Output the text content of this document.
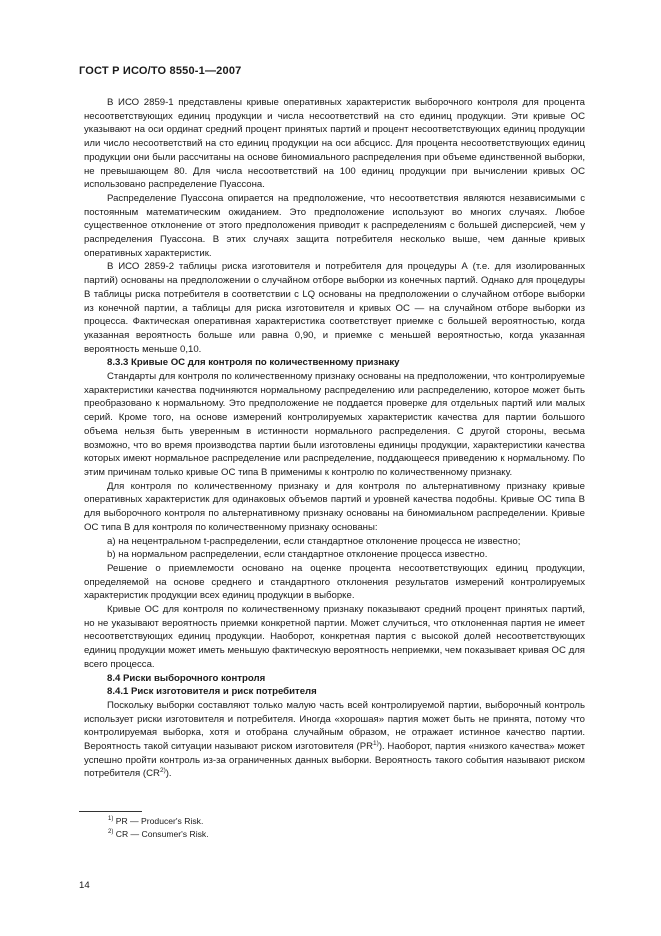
ГОСТ Р ИСО/ТО 8550-1—2007

В ИСО 2859-1 представлены кривые оперативных характеристик выборочного контроля для процента несоответствующих единиц продукции и числа несоответствий на сто единиц продукции. Эти кривые ОС указывают на оси ординат средний процент принятых партий и процент несоответствующих единиц продукции или число несоответствий на сто единиц продукции на оси абсцисс. Для процента несоответствующих единиц продукции они были рассчитаны на основе биномиального распределения при объеме единственной выборки, не превышающем 80. Для числа несоответствий на 100 единиц продукции при вычислении кривых ОС использовано распределение Пуассона.

Распределение Пуассона опирается на предположение, что несоответствия являются независимыми с постоянным математическим ожиданием. Это предположение используют во многих случаях. Любое существенное отклонение от этого предположения приводит к распределениям с большей дисперсией, чем у распределения Пуассона. В этих случаях защита потребителя несколько выше, чем данные кривых оперативных характеристик.

В ИСО 2859-2 таблицы риска изготовителя и потребителя для процедуры А (т.е. для изолированных партий) основаны на предположении о случайном отборе выборки из конечных партий. Однако для процедуры В таблицы риска потребителя в соответствии с LQ основаны на предположении о случайном отборе выборки из конечной партии, а таблицы для риска изготовителя и кривых ОС — на случайном отборе выборки из процесса. Фактическая оперативная характеристика соответствует приемке с большей вероятностью, когда указанная вероятность больше или равна 0,90, и приемке с меньшей вероятностью, когда указанная вероятность меньше 0,10.

8.3.3 Кривые ОС для контроля по количественному признаку

Стандарты для контроля по количественному признаку основаны на предположении, что контролируемые характеристики качества подчиняются нормальному распределению или распределению, которое может быть преобразовано к нормальному. Это предположение не поддается проверке для отдельных партий или малых серий. Кроме того, на основе измерений контролируемых характеристик качества для партии большого объема нельзя быть уверенным в истинности нормального распределения. С другой стороны, весьма возможно, что во время производства партии были изготовлены единицы продукции, характеристики качества которых имеют нормальное распределение или распределение, поддающееся приведению к нормальному. По этим причинам только кривые ОС типа В применимы к контролю по количественному признаку.

Для контроля по количественному признаку и для контроля по альтернативному признаку кривые оперативных характеристик для одинаковых объемов партий и уровней качества подобны. Кривые ОС типа В для выборочного контроля по альтернативному признаку основаны на биномиальном распределении. Кривые ОС типа В для контроля по количественному признаку основаны:

a) на нецентральном t-распределении, если стандартное отклонение процесса не известно;

b) на нормальном распределении, если стандартное отклонение процесса известно.

Решение о приемлемости основано на оценке процента несоответствующих единиц продукции, определяемой на основе среднего и стандартного отклонения результатов измерений контролируемых характеристик продукции всех единиц продукции в выборке.

Кривые ОС для контроля по количественному признаку показывают средний процент принятых партий, но не указывают вероятность приемки конкретной партии. Может случиться, что отклоненная партия не имеет несоответствующих единиц продукции. Наоборот, конкретная партия с высокой долей несоответствующих единиц продукции может иметь меньшую фактическую вероятность неприемки, чем показывает кривая ОС для всего процесса.

8.4 Риски выборочного контроля
8.4.1 Риск изготовителя и риск потребителя

Поскольку выборки составляют только малую часть всей контролируемой партии, выборочный контроль использует риски изготовителя и потребителя. Иногда «хорошая» партия может быть не принята, потому что контролируемая выборка, хотя и отобрана случайным образом, не отражает истинное качество партии. Вероятность такой ситуации называют риском изготовителя (PR$^{1)}$). Наоборот, партия «низкого качества» может успешно пройти контроль из-за ограниченных данных выборки. Вероятность такого события называют риском потребителя (CR$^{2)}$).

$^{1)}$ PR — Producer's Risk.
$^{2)}$ CR — Consumer's Risk.
14
